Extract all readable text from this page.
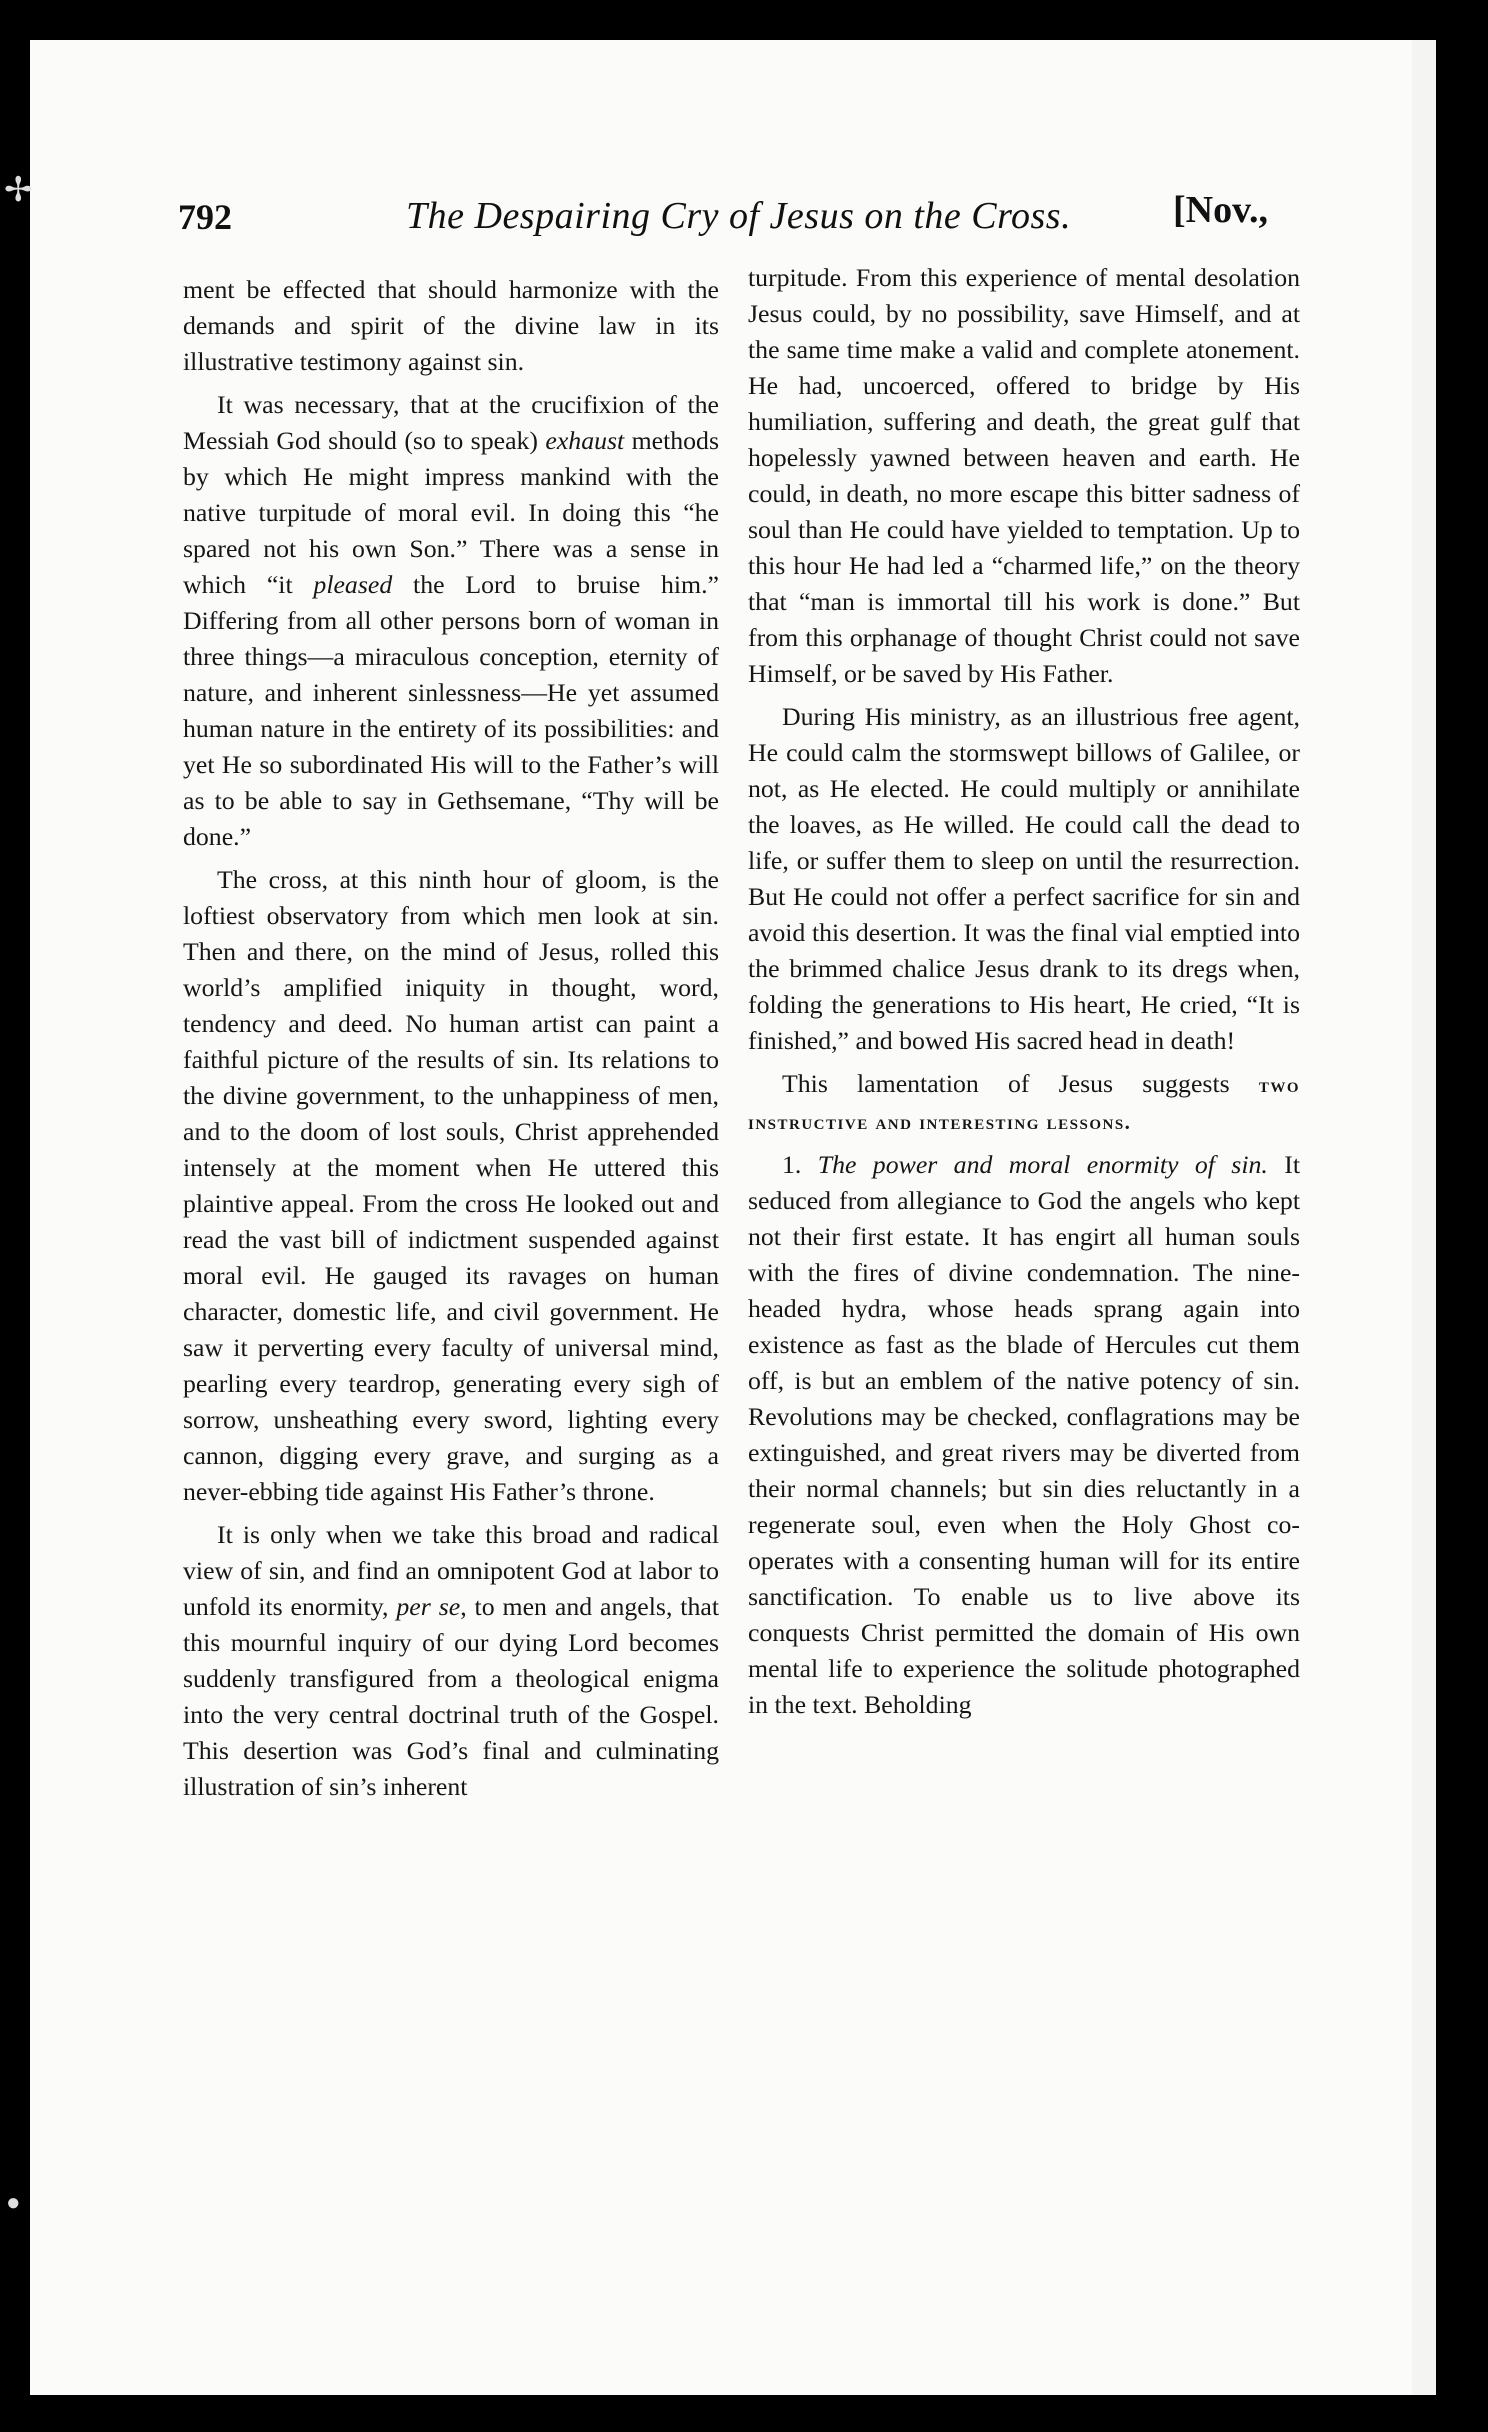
✢
●
792	The Despairing Cry of Jesus on the Cross.	[Nov.,

ment be effected that should harmonize with the demands and spirit of the divine law in its illustrative testimony against sin.

It was necessary, that at the crucifixion of the Messiah God should (so to speak) exhaust methods by which He might impress mankind with the native turpitude of moral evil. In doing this “he spared not his own Son.” There was a sense in which “it pleased the Lord to bruise him.” Differing from all other persons born of woman in three things—a miraculous conception, eternity of nature, and inherent sinlessness—He yet assumed human nature in the entirety of its possibilities: and yet He so subordinated His will to the Father’s will as to be able to say in Gethsemane, “Thy will be done.”

The cross, at this ninth hour of gloom, is the loftiest observatory from which men look at sin. Then and there, on the mind of Jesus, rolled this world’s amplified iniquity in thought, word, tendency and deed. No human artist can paint a faithful picture of the results of sin. Its relations to the divine government, to the unhappiness of men, and to the doom of lost souls, Christ apprehended intensely at the moment when He uttered this plaintive appeal. From the cross He looked out and read the vast bill of indictment suspended against moral evil. He gauged its ravages on human character, domestic life, and civil government. He saw it perverting every faculty of universal mind, pearling every teardrop, generating every sigh of sorrow, unsheathing every sword, lighting every cannon, digging every grave, and surging as a never-ebbing tide against His Father’s throne.

It is only when we take this broad and radical view of sin, and find an omnipotent God at labor to unfold its enormity, per se, to men and angels, that this mournful inquiry of our dying Lord becomes suddenly transfigured from a theological enigma into the very central doctrinal truth of the Gospel. This desertion was God’s final and culminating illustration of sin’s inherent

turpitude. From this experience of mental desolation Jesus could, by no possibility, save Himself, and at the same time make a valid and complete atonement. He had, uncoerced, offered to bridge by His humiliation, suffering and death, the great gulf that hopelessly yawned between heaven and earth. He could, in death, no more escape this bitter sadness of soul than He could have yielded to temptation. Up to this hour He had led a “charmed life,” on the theory that “man is immortal till his work is done.” But from this orphanage of thought Christ could not save Himself, or be saved by His Father.

During His ministry, as an illustrious free agent, He could calm the stormswept billows of Galilee, or not, as He elected. He could multiply or annihilate the loaves, as He willed. He could call the dead to life, or suffer them to sleep on until the resurrection. But He could not offer a perfect sacrifice for sin and avoid this desertion. It was the final vial emptied into the brimmed chalice Jesus drank to its dregs when, folding the generations to His heart, He cried, “It is finished,” and bowed His sacred head in death!

This lamentation of Jesus suggests two instructive and interesting lessons.

1. The power and moral enormity of sin. It seduced from allegiance to God the angels who kept not their first estate. It has engirt all human souls with the fires of divine condemnation. The nine-headed hydra, whose heads sprang again into existence as fast as the blade of Hercules cut them off, is but an emblem of the native potency of sin. Revolutions may be checked, conflagrations may be extinguished, and great rivers may be diverted from their normal channels; but sin dies reluctantly in a regenerate soul, even when the Holy Ghost co-operates with a consenting human will for its entire sanctification. To enable us to live above its conquests Christ permitted the domain of His own mental life to experience the solitude photographed in the text. Beholding
